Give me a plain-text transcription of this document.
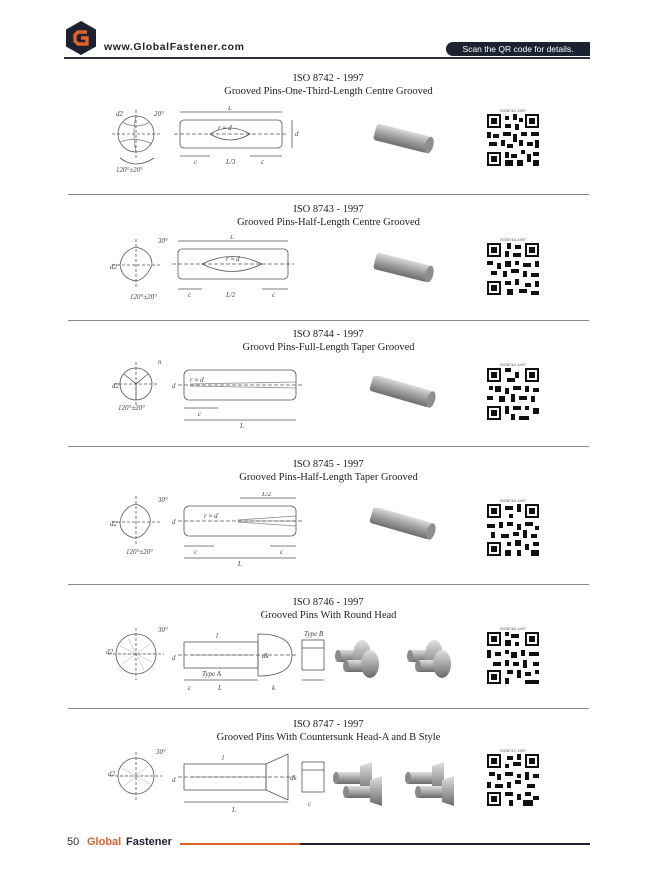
www.GlobalFastener.com	Scan the QR code for details.
ISO 8742 - 1997
Grooved Pins-One-Third-Length Centre Grooved
d2	20°
L
r ≈ d
c	c
L/3
d
120°±20°
ISO8742-1997
ISO 8743 - 1997
Grooved Pins-Half-Length Centre Grooved
d2
30°	L
r ≈ d
c	c
L/2
120°±20°
ISO8743-1997
ISO 8744 - 1997
Groovd Pins-Full-Length Taper Grooved
d2
n
r ≈ d
c
L
d
120°±20°
ISO8744-1997
ISO 8745 - 1997
Grooved Pins-Half-Length Taper Grooved
d2
30°
L/2
r ≈ d
c	c
L
d
120°±20°
ISO8745-1997
ISO 8746 - 1997
Grooved Pins With Round Head
d2
30°
d
l
dk
Type A
Type B
L	k
c
ISO8746-1997
ISO 8747 - 1997
Grooved Pins With Countersunk Head-A and B Style
d2
30°
d
l
dk
L
c
ISO8747-1997
50 Global Fastener
